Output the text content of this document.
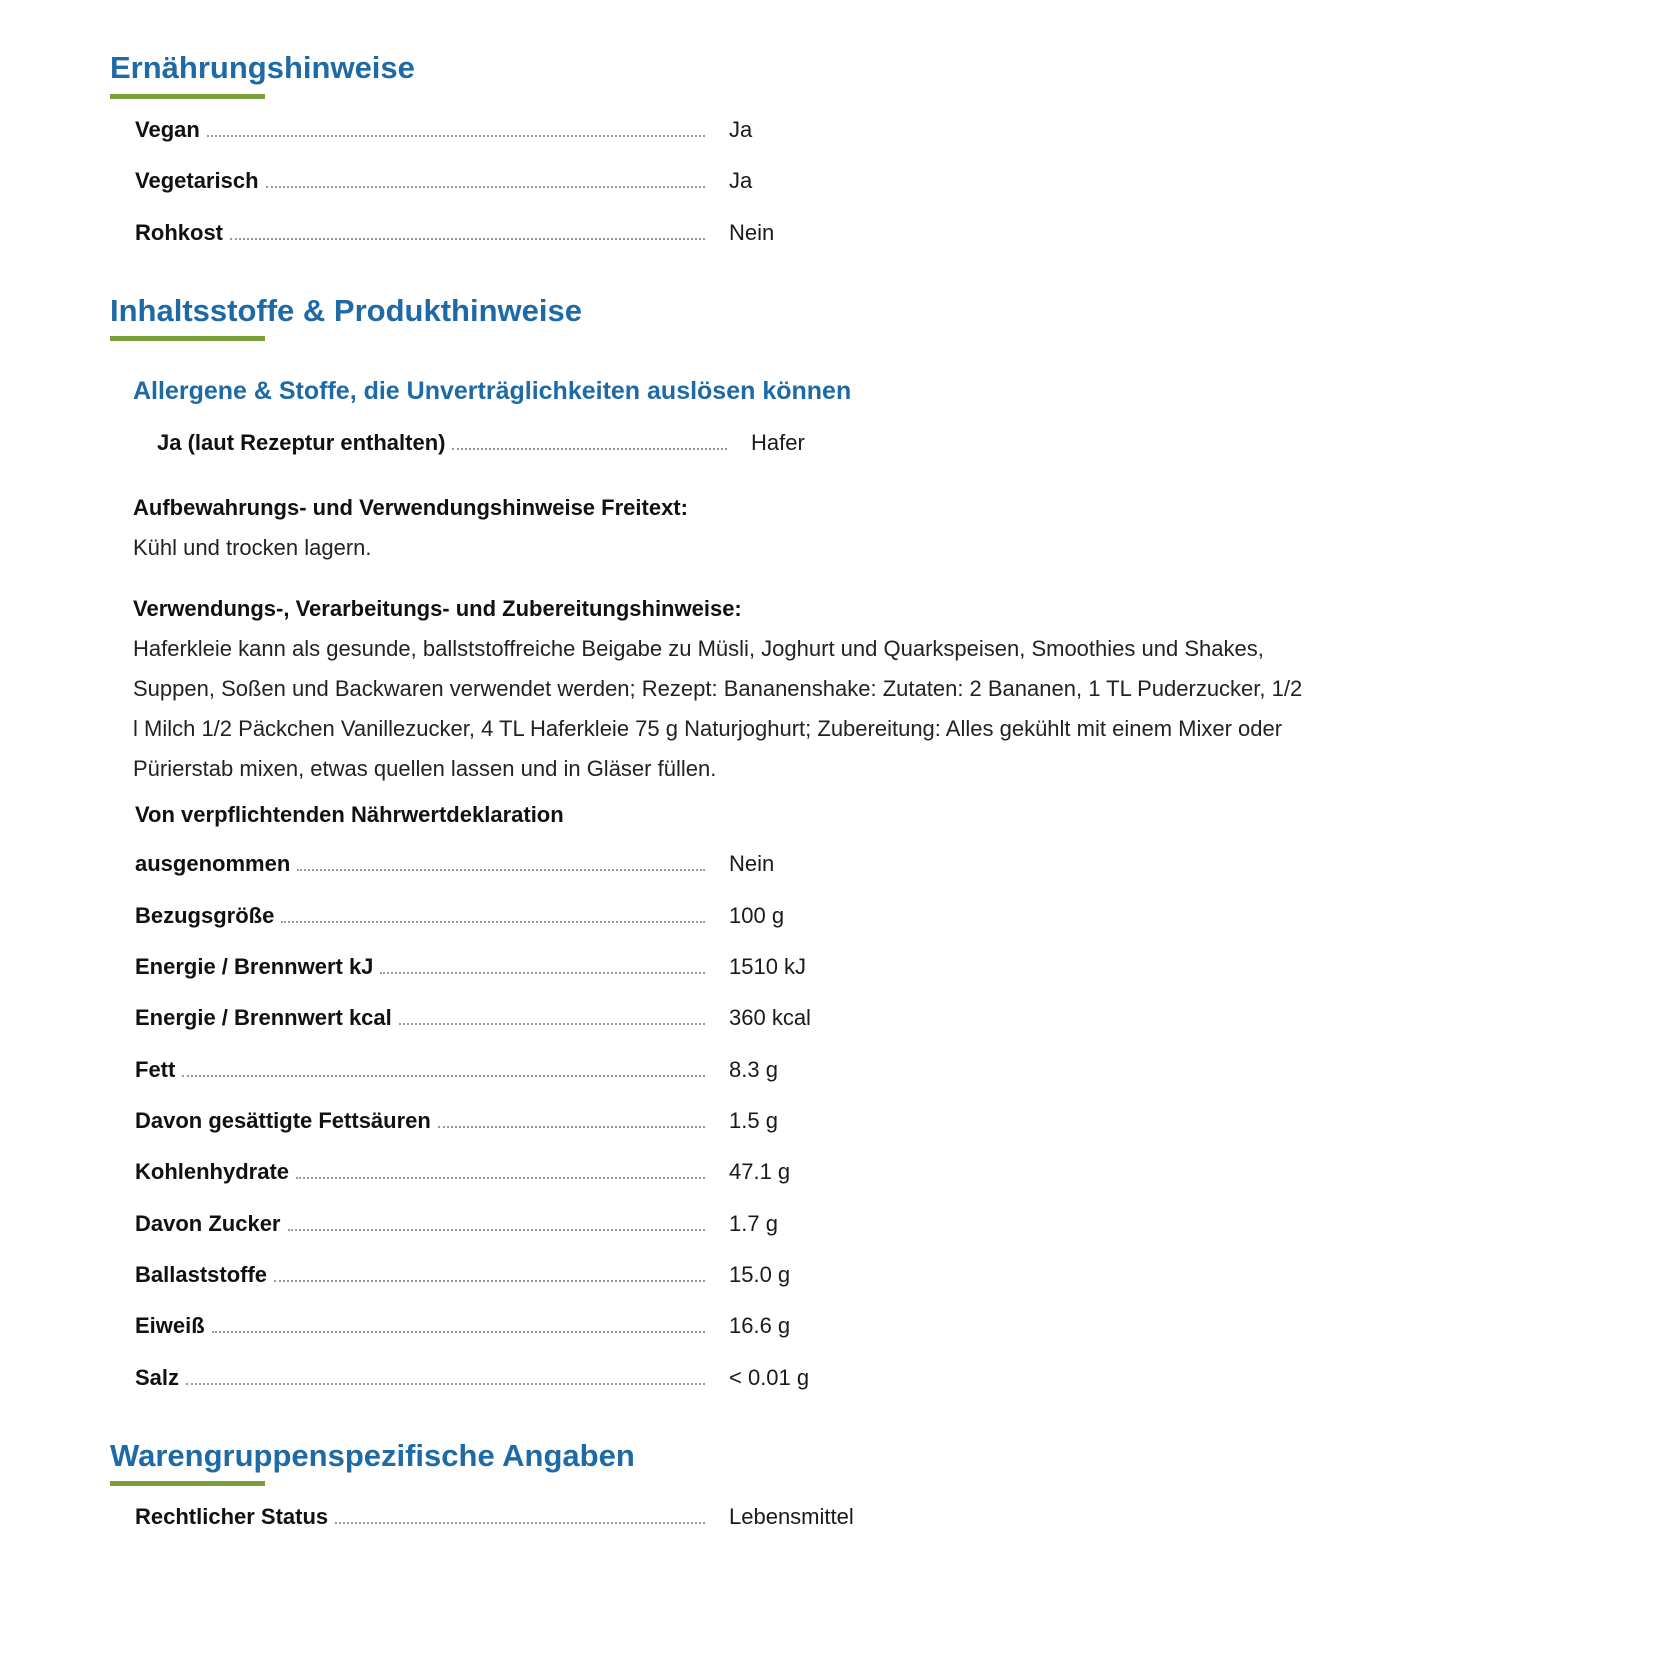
Ernährungshinweise
Vegan	Ja
Vegetarisch	Ja
Rohkost	Nein
Inhaltsstoffe & Produkthinweise
Allergene & Stoffe, die Unverträglichkeiten auslösen können
Ja (laut Rezeptur enthalten)	Hafer
Aufbewahrungs- und Verwendungshinweise Freitext:
Kühl und trocken lagern.
Verwendungs-, Verarbeitungs- und Zubereitungshinweise:
Haferkleie kann als gesunde, ballststoffreiche Beigabe zu Müsli, Joghurt und Quarkspeisen, Smoothies und Shakes, Suppen, Soßen und Backwaren verwendet werden; Rezept: Bananenshake: Zutaten: 2 Bananen, 1 TL Puderzucker, 1/2 l Milch 1/2 Päckchen Vanillezucker, 4 TL Haferkleie 75 g Naturjoghurt; Zubereitung: Alles gekühlt mit einem Mixer oder Pürierstab mixen, etwas quellen lassen und in Gläser füllen.
Von verpflichtenden Nährwertdeklaration
ausgenommen	Nein
Bezugsgröße	100 g
Energie / Brennwert kJ	1510 kJ
Energie / Brennwert kcal	360 kcal
Fett	8.3 g
Davon gesättigte Fettsäuren	1.5 g
Kohlenhydrate	47.1 g
Davon Zucker	1.7 g
Ballaststoffe	15.0 g
Eiweiß	16.6 g
Salz	< 0.01 g
Warengruppenspezifische Angaben
Rechtlicher Status	Lebensmittel
